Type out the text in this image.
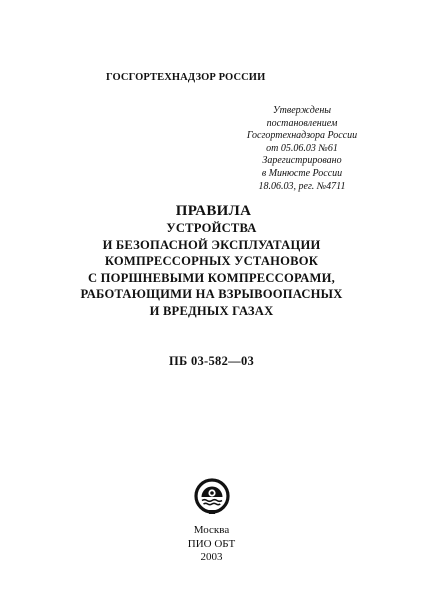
ГОСГОРТЕХНАДЗОР РОССИИ
Утверждены
постановлением
Госгортехнадзора России
от 05.06.03 №61
Зарегистрировано
в Минюсте России
18.06.03, рег. №4711
ПРАВИЛА
УСТРОЙСТВА
И БЕЗОПАСНОЙ ЭКСПЛУАТАЦИИ
КОМПРЕССОРНЫХ УСТАНОВОК
С ПОРШНЕВЫМИ КОМПРЕССОРАМИ,
РАБОТАЮЩИМИ НА ВЗРЫВООПАСНЫХ
И ВРЕДНЫХ ГАЗАХ
ПБ 03-582—03
Москва
ПИО ОБТ
2003
